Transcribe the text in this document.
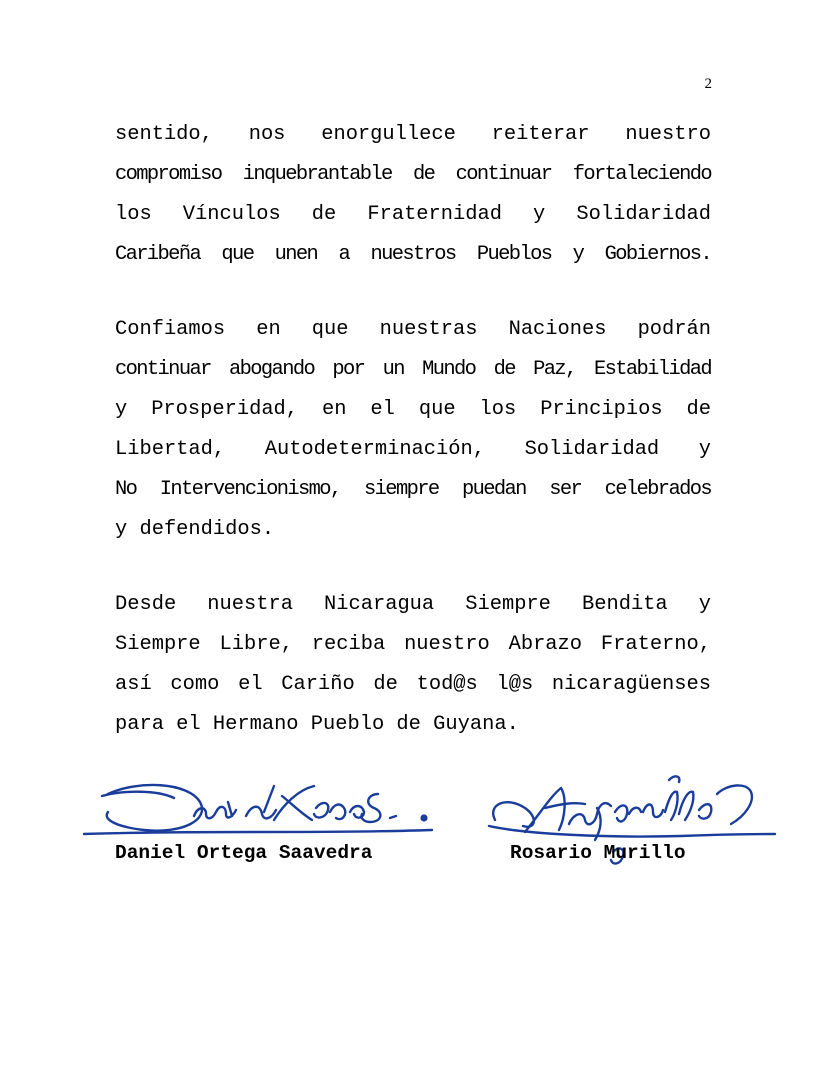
2
sentido, nos enorgullece reiterar nuestro
compromiso inquebrantable de continuar fortaleciendo
los Vínculos de Fraternidad y Solidaridad
Caribeña que unen a nuestros Pueblos y Gobiernos.
Confiamos en que nuestras Naciones podrán
continuar abogando por un Mundo de Paz, Estabilidad
y Prosperidad, en el que los Principios de
Libertad, Autodeterminación, Solidaridad y
No Intervencionismo, siempre puedan ser celebrados
y defendidos.
Desde nuestra Nicaragua Siempre Bendita y
Siempre Libre, reciba nuestro Abrazo Fraterno,
así como el Cariño de tod@s l@s nicaragüenses
para el Hermano Pueblo de Guyana.
Daniel Ortega Saavedra	Rosario Murillo
